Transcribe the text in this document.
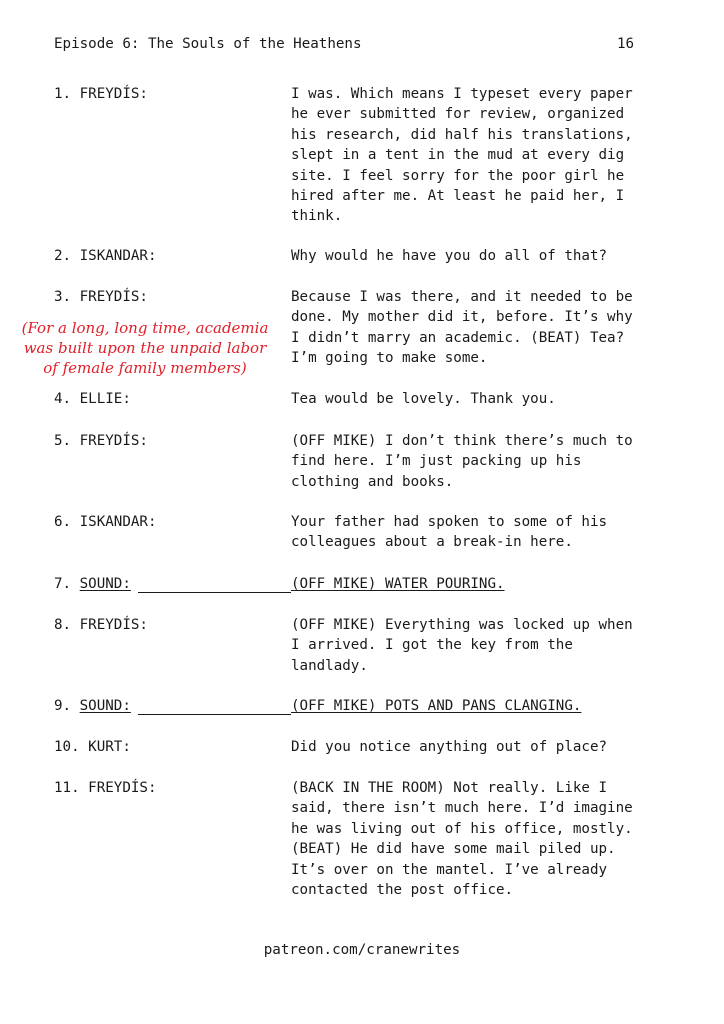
Episode 6: The Souls of the Heathens	16
1. FREYDÍS:	I was. Which means I typeset every paper
he ever submitted for review, organized
his research, did half his translations,
slept in a tent in the mud at every dig
site. I feel sorry for the poor girl he
hired after me. At least he paid her, I
think.
2. ISKANDAR:	Why would he have you do all of that?
3. FREYDÍS:	Because I was there, and it needed to be
done. My mother did it, before. It’s why
I didn’t marry an academic. (BEAT) Tea?
I’m going to make some.
(For a long, long time, academia
was built upon the unpaid labor
of female family members)
4. ELLIE:	Tea would be lovely. Thank you.
5. FREYDÍS:	(OFF MIKE) I don’t think there’s much to
find here. I’m just packing up his
clothing and books.
6. ISKANDAR:	Your father had spoken to some of his
colleagues about a break-in here.
7. SOUND:	(OFF MIKE) WATER POURING.
8. FREYDÍS:	(OFF MIKE) Everything was locked up when
I arrived. I got the key from the
landlady.
9. SOUND:	(OFF MIKE) POTS AND PANS CLANGING.
10. KURT:	Did you notice anything out of place?
11. FREYDÍS:	(BACK IN THE ROOM) Not really. Like I
said, there isn’t much here. I’d imagine
he was living out of his office, mostly.
(BEAT) He did have some mail piled up.
It’s over on the mantel. I’ve already
contacted the post office.
patreon.com/cranewrites
